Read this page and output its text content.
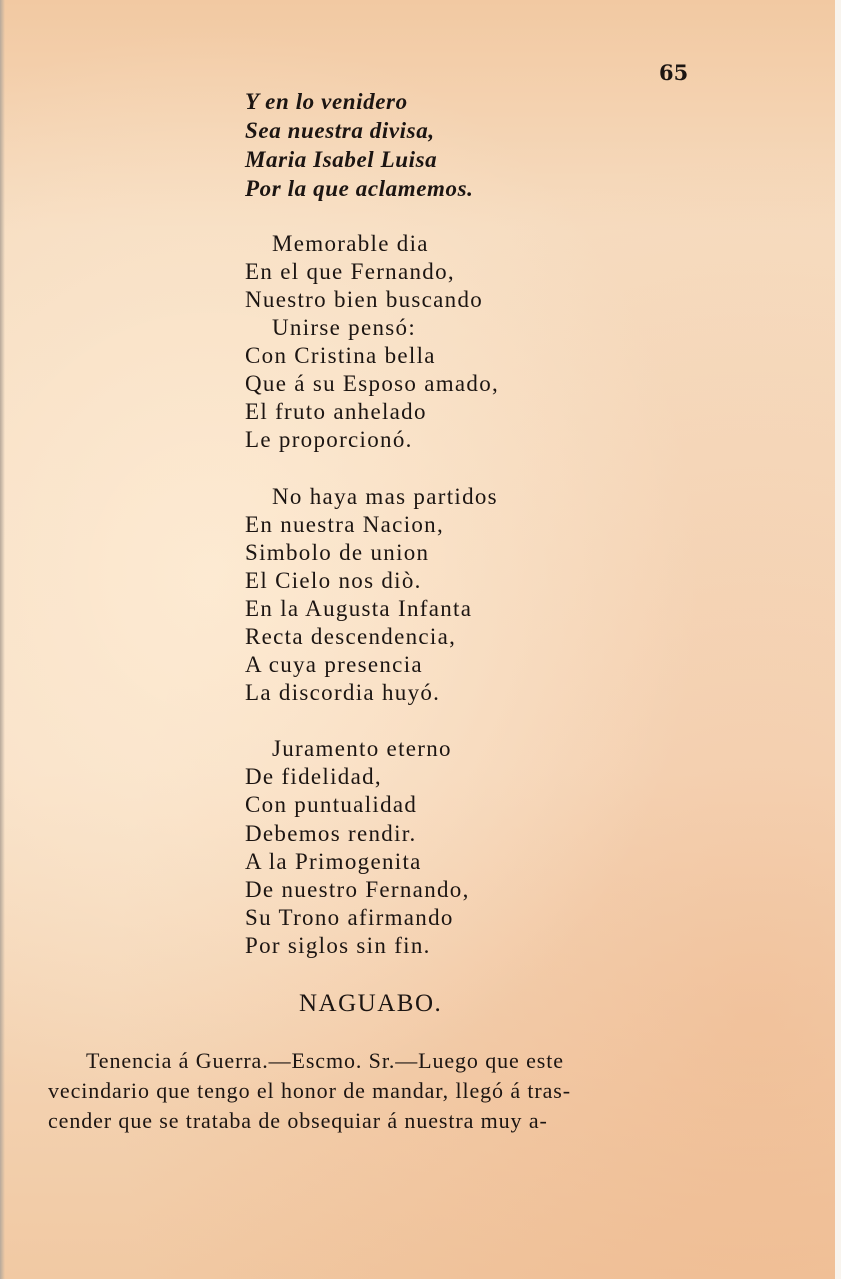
65
Y en lo venidero
Sea nuestra divisa,
Maria Isabel Luisa
Por la que aclamemos.
Memorable dia
En el que Fernando,
Nuestro bien buscando
Unirse pensó:
Con Cristina bella
Que á su Esposo amado,
El fruto anhelado
Le proporcionó.
No haya mas partidos
En nuestra Nacion,
Simbolo de union
El Cielo nos diò.
En la Augusta Infanta
Recta descendencia,
A cuya presencia
La discordia huyó.
Juramento eterno
De fidelidad,
Con puntualidad
Debemos rendir.
A la Primogenita
De nuestro Fernando,
Su Trono afirmando
Por siglos sin fin.
NAGUABO.
Tenencia á Guerra.—Escmo. Sr.—Luego que este
vecindario que tengo el honor de mandar, llegó á tras-
cender que se trataba de obsequiar á nuestra muy a-
